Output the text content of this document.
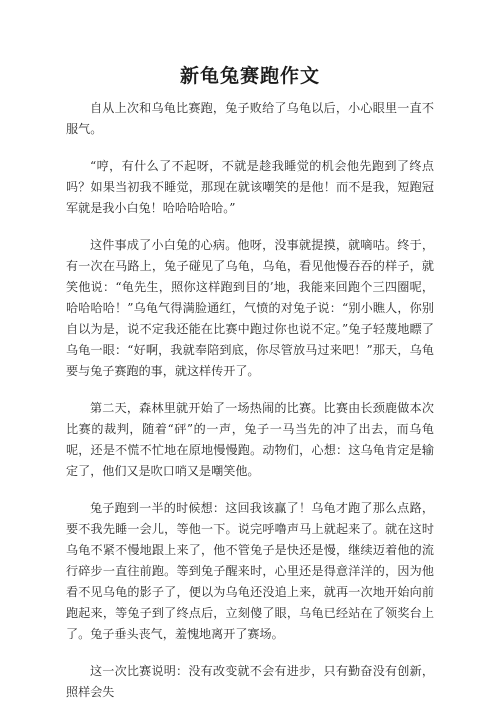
新龟兔赛跑作文

自从上次和乌龟比赛跑，兔子败给了乌龟以后，小心眼里一直不服气。

“哼，有什么了不起呀，不就是趁我睡觉的机会他先跑到了终点吗？如果当初我不睡觉，那现在就该嘲笑的是他！而不是我，短跑冠军就是我小白兔！哈哈哈哈哈。”

这件事成了小白兔的心病。他呀，没事就提摸，就嘀咕。终于，有一次在马路上，兔子碰见了乌龟，乌龟，看见他慢吞吞的样子，就笑他说：“龟先生，照你这样跑到目的’地，我能来回跑个三四圈呢，哈哈哈哈！”乌龟气得满脸通红，气愤的对兔子说：“别小瞧人，你别自以为是，说不定我还能在比赛中跑过你也说不定。”兔子轻蔑地瞟了乌龟一眼：“好啊，我就奉陪到底，你尽管放马过来吧！”那天，乌龟要与兔子赛跑的事，就这样传开了。

第二天，森林里就开始了一场热闹的比赛。比赛由长颈鹿做本次比赛的裁判，随着“砰”的一声，兔子一马当先的冲了出去，而乌龟呢，还是不慌不忙地在原地慢慢跑。动物们，心想：这乌龟肯定是输定了，他们又是吹口哨又是嘲笑他。

兔子跑到一半的时候想：这回我该赢了！乌龟才跑了那么点路，要不我先睡一会儿，等他一下。说完呼噜声马上就起来了。就在这时乌龟不紧不慢地跟上来了，他不管兔子是快还是慢，继续迈着他的流行碎步一直往前跑。等到兔子醒来时，心里还是得意洋洋的，因为他看不见乌龟的影子了，便以为乌龟还没追上来，就再一次地开始向前跑起来，等兔子到了终点后，立刻傻了眼，乌龟已经站在了领奖台上了。兔子垂头丧气，羞愧地离开了赛场。

这一次比赛说明：没有改变就不会有进步，只有勤奋没有创新，照样会失
